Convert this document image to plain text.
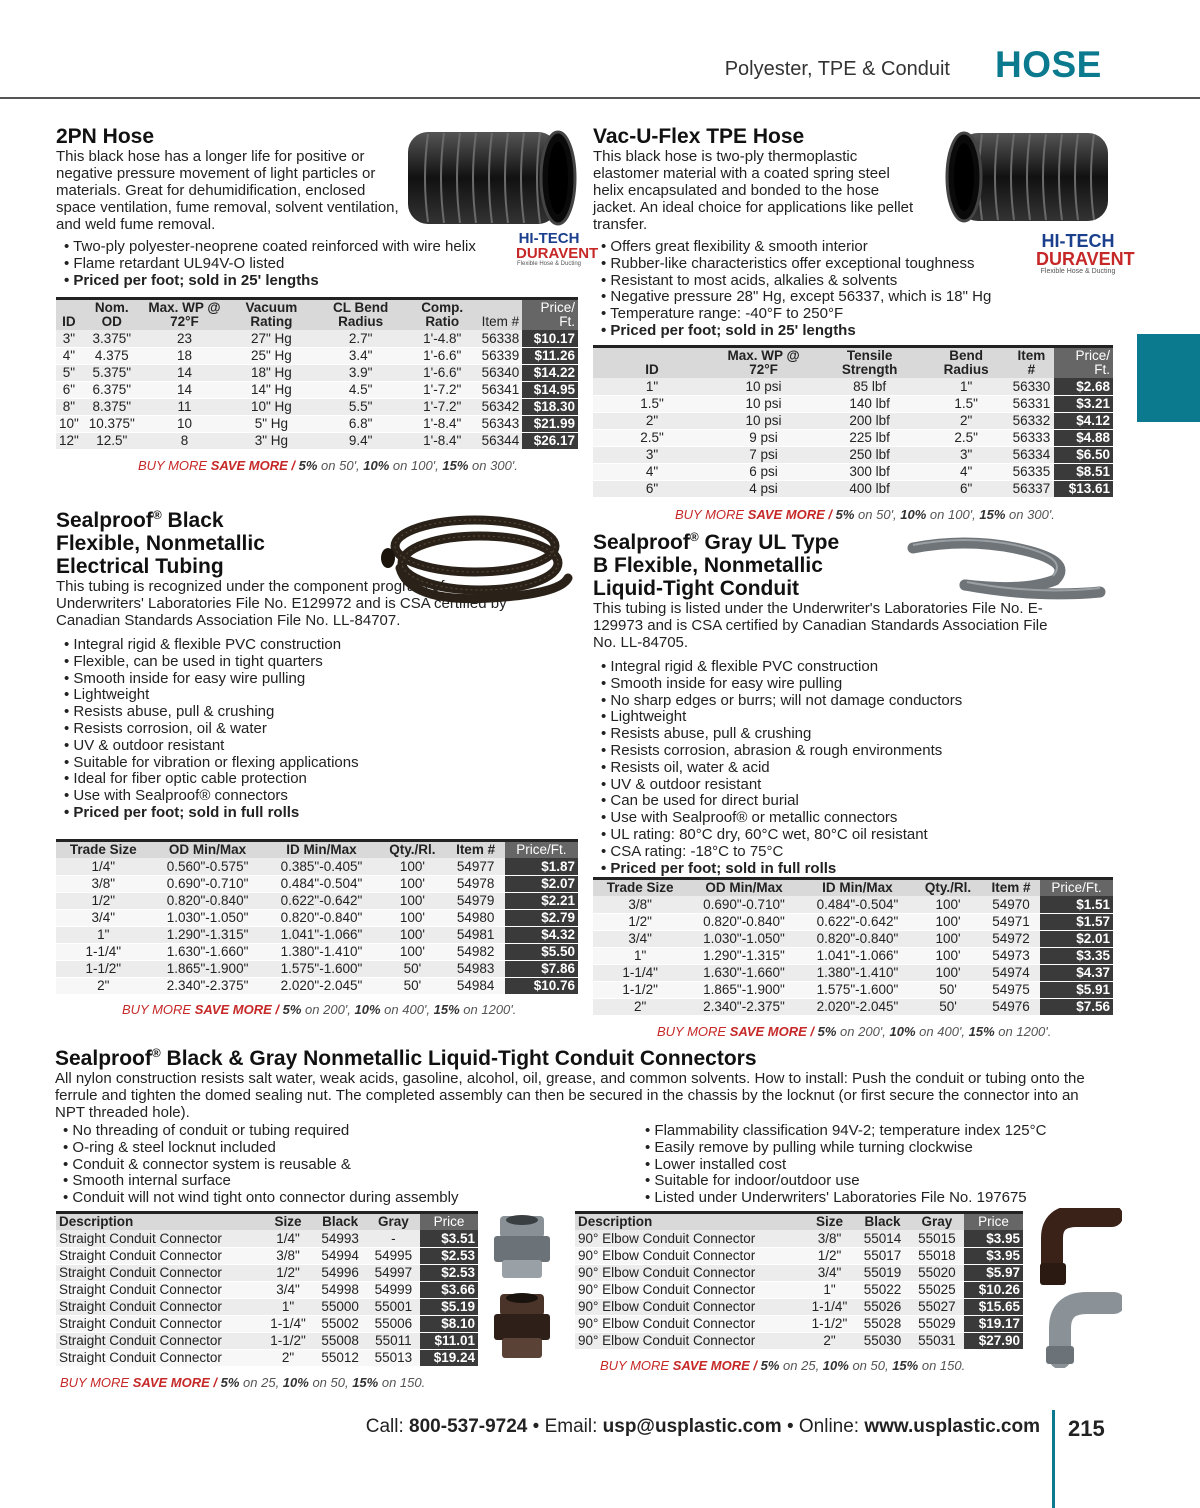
Polyester, TPE & Conduit HOSE
2PN Hose

This black hose has a longer life for positive or negative pressure movement of light particles or materials. Great for dehumidification, enclosed space ventilation, fume removal, solvent ventilation, and weld fume removal.

• Two-ply polyester-neoprene coated reinforced with wire helix
• Flame retardant UL94V-O listed
• Priced per foot; sold in 25' lengths
HI-TECH
DURAVENT
Flexible Hose & Ducting
ID	Nom. OD	Max. WP @ 72°F	Vacuum Rating	CL Bend Radius	Comp. Ratio	Item #	Price/ Ft.
3"	3.375"	23	27" Hg	2.7"	1'-4.8"	56338	$10.17
4"	4.375	18	25" Hg	3.4"	1'-6.6"	56339	$11.26
5"	5.375"	14	18" Hg	3.9"	1'-6.6"	56340	$14.22
6"	6.375"	14	14" Hg	4.5"	1'-7.2"	56341	$14.95
8"	8.375"	11	10" Hg	5.5"	1'-7.2"	56342	$18.30
10"	10.375"	10	5" Hg	6.8"	1'-8.4"	56343	$21.99
12"	12.5"	8	3" Hg	9.4"	1'-8.4"	56344	$26.17
BUY MORE SAVE MORE / 5% on 50', 10% on 100', 15% on 300'.
Vac-U-Flex TPE Hose

This black hose is two-ply thermoplastic elastomer material with a coated spring steel helix encapsulated and bonded to the hose jacket. An ideal choice for applications like pellet transfer.

• Offers great flexibility & smooth interior
• Rubber-like characteristics offer exceptional toughness
• Resistant to most acids, alkalies & solvents
• Negative pressure 28" Hg, except 56337, which is 18" Hg
• Temperature range: -40°F to 250°F
• Priced per foot; sold in 25' lengths
HI-TECH
DURAVENT
Flexible Hose & Ducting
ID	Max. WP @ 72°F	Tensile Strength	Bend Radius	Item #	Price/ Ft.
1"	10 psi	85 lbf	1"	56330	$2.68
1.5"	10 psi	140 lbf	1.5"	56331	$3.21
2"	10 psi	200 lbf	2"	56332	$4.12
2.5"	9 psi	225 lbf	2.5"	56333	$4.88
3"	7 psi	250 lbf	3"	56334	$6.50
4"	6 psi	300 lbf	4"	56335	$8.51
6"	4 psi	400 lbf	6"	56337	$13.61
BUY MORE SAVE MORE / 5% on 50', 10% on 100', 15% on 300'.
Sealproof® Black
Flexible, Nonmetallic
Electrical Tubing

This tubing is recognized under the component program of Underwriters' Laboratories File No. E129972 and is CSA certified by Canadian Standards Association File No. LL-84707.

• Integral rigid & flexible PVC construction
• Flexible, can be used in tight quarters
• Smooth inside for easy wire pulling
• Lightweight
• Resists abuse, pull & crushing
• Resists corrosion, oil & water
• UV & outdoor resistant
• Suitable for vibration or flexing applications
• Ideal for fiber optic cable protection
• Use with Sealproof® connectors
• Priced per foot; sold in full rolls
Trade Size	OD Min/Max	ID Min/Max	Qty./Rl.	Item #	Price/Ft.
1/4"	0.560"-0.575"	0.385"-0.405"	100'	54977	$1.87
3/8"	0.690"-0.710"	0.484"-0.504"	100'	54978	$2.07
1/2"	0.820"-0.840"	0.622"-0.642"	100'	54979	$2.21
3/4"	1.030"-1.050"	0.820"-0.840"	100'	54980	$2.79
1"	1.290"-1.315"	1.041"-1.066"	100'	54981	$4.32
1-1/4"	1.630"-1.660"	1.380"-1.410"	100'	54982	$5.50
1-1/2"	1.865"-1.900"	1.575"-1.600"	50'	54983	$7.86
2"	2.340"-2.375"	2.020"-2.045"	50'	54984	$10.76
BUY MORE SAVE MORE / 5% on 200', 10% on 400', 15% on 1200'.
Sealproof® Gray UL Type
B Flexible, Nonmetallic
Liquid-Tight Conduit

This tubing is listed under the Underwriter's Laboratories File No. E-129973 and is CSA certified by Canadian Standards Association File No. LL-84705.

• Integral rigid & flexible PVC construction
• Smooth inside for easy wire pulling
• No sharp edges or burrs; will not damage conductors
• Lightweight
• Resists abuse, pull & crushing
• Resists corrosion, abrasion & rough environments
• Resists oil, water & acid
• UV & outdoor resistant
• Can be used for direct burial
• Use with Sealproof® or metallic connectors
• UL rating: 80°C dry, 60°C wet, 80°C oil resistant
• CSA rating: -18°C to 75°C
• Priced per foot; sold in full rolls
Trade Size	OD Min/Max	ID Min/Max	Qty./Rl.	Item #	Price/Ft.
3/8"	0.690"-0.710"	0.484"-0.504"	100'	54970	$1.51
1/2"	0.820"-0.840"	0.622"-0.642"	100'	54971	$1.57
3/4"	1.030"-1.050"	0.820"-0.840"	100'	54972	$2.01
1"	1.290"-1.315"	1.041"-1.066"	100'	54973	$3.35
1-1/4"	1.630"-1.660"	1.380"-1.410"	100'	54974	$4.37
1-1/2"	1.865"-1.900"	1.575"-1.600"	50'	54975	$5.91
2"	2.340"-2.375"	2.020"-2.045"	50'	54976	$7.56
BUY MORE SAVE MORE / 5% on 200', 10% on 400', 15% on 1200'.
Sealproof® Black & Gray Nonmetallic Liquid-Tight Conduit Connectors

All nylon construction resists salt water, weak acids, gasoline, alcohol, oil, grease, and common solvents. How to install: Push the conduit or tubing onto the ferrule and tighten the domed sealing nut. The completed assembly can then be secured in the chassis by the locknut (or first secure the connector into an NPT threaded hole).

• No threading of conduit or tubing required
• O-ring & steel locknut included
• Conduit & connector system is reusable &
• Smooth internal surface
• Conduit will not wind tight onto connector during assembly
• Flammability classification 94V-2; temperature index 125°C
• Easily remove by pulling while turning clockwise
• Lower installed cost
• Suitable for indoor/outdoor use
• Listed under Underwriters' Laboratories File No. 197675
Description	Size	Black	Gray	Price
Straight Conduit Connector	1/4"	54993	-	$3.51
Straight Conduit Connector	3/8"	54994	54995	$2.53
Straight Conduit Connector	1/2"	54996	54997	$2.53
Straight Conduit Connector	3/4"	54998	54999	$3.66
Straight Conduit Connector	1"	55000	55001	$5.19
Straight Conduit Connector	1-1/4"	55002	55006	$8.10
Straight Conduit Connector	1-1/2"	55008	55011	$11.01
Straight Conduit Connector	2"	55012	55013	$19.24
BUY MORE SAVE MORE / 5% on 25, 10% on 50, 15% on 150.
Description	Size	Black	Gray	Price
90° Elbow Conduit Connector	3/8"	55014	55015	$3.95
90° Elbow Conduit Connector	1/2"	55017	55018	$3.95
90° Elbow Conduit Connector	3/4"	55019	55020	$5.97
90° Elbow Conduit Connector	1"	55022	55025	$10.26
90° Elbow Conduit Connector	1-1/4"	55026	55027	$15.65
90° Elbow Conduit Connector	1-1/2"	55028	55029	$19.17
90° Elbow Conduit Connector	2"	55030	55031	$27.90
BUY MORE SAVE MORE / 5% on 25, 10% on 50, 15% on 150.
Call: 800-537-9724 • Email: usp@usplastic.com • Online: www.usplastic.com 215
